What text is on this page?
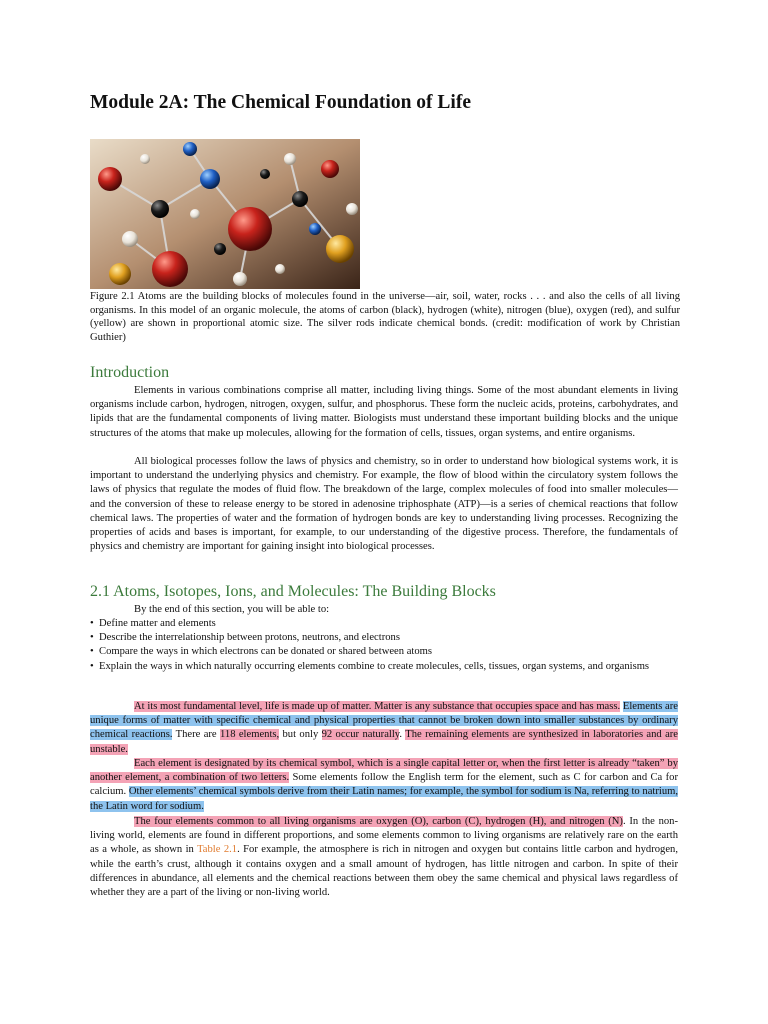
Module 2A: The Chemical Foundation of Life

Figure 2.1 Atoms are the building blocks of molecules found in the universe—air, soil, water, rocks . . . and also the cells of all living organisms. In this model of an organic molecule, the atoms of carbon (black), hydrogen (white), nitrogen (blue), oxygen (red), and sulfur (yellow) are shown in proportional atomic size. The silver rods indicate chemical bonds. (credit: modification of work by Christian Guthier)

Introduction

Elements in various combinations comprise all matter, including living things. Some of the most abundant elements in living organisms include carbon, hydrogen, nitrogen, oxygen, sulfur, and phosphorus. These form the nucleic acids, proteins, carbohydrates, and lipids that are the fundamental components of living matter. Biologists must understand these important building blocks and the unique structures of the atoms that make up molecules, allowing for the formation of cells, tissues, organ systems, and entire organisms.

All biological processes follow the laws of physics and chemistry, so in order to understand how biological systems work, it is important to understand the underlying physics and chemistry. For example, the flow of blood within the circulatory system follows the laws of physics that regulate the modes of fluid flow. The breakdown of the large, complex molecules of food into smaller molecules—and the conversion of these to release energy to be stored in adenosine triphosphate (ATP)—is a series of chemical reactions that follow chemical laws. The properties of water and the formation of hydrogen bonds are key to understanding living processes. Recognizing the properties of acids and bases is important, for example, to our understanding of the digestive process. Therefore, the fundamentals of physics and chemistry are important for gaining insight into biological processes.

2.1 Atoms, Isotopes, Ions, and Molecules: The Building Blocks

By the end of this section, you will be able to:

• Define matter and elements
• Describe the interrelationship between protons, neutrons, and electrons
• Compare the ways in which electrons can be donated or shared between atoms
• Explain the ways in which naturally occurring elements combine to create molecules, cells, tissues, organ systems, and organisms

At its most fundamental level, life is made up of matter. Matter is any substance that occupies space and has mass. Elements are unique forms of matter with specific chemical and physical properties that cannot be broken down into smaller substances by ordinary chemical reactions. There are 118 elements, but only 92 occur naturally. The remaining elements are synthesized in laboratories and are unstable.

Each element is designated by its chemical symbol, which is a single capital letter or, when the first letter is already “taken” by another element, a combination of two letters. Some elements follow the English term for the element, such as C for carbon and Ca for calcium. Other elements’ chemical symbols derive from their Latin names; for example, the symbol for sodium is Na, referring to natrium, the Latin word for sodium.

The four elements common to all living organisms are oxygen (O), carbon (C), hydrogen (H), and nitrogen (N). In the non-living world, elements are found in different proportions, and some elements common to living organisms are relatively rare on the earth as a whole, as shown in Table 2.1. For example, the atmosphere is rich in nitrogen and oxygen but contains little carbon and hydrogen, while the earth’s crust, although it contains oxygen and a small amount of hydrogen, has little nitrogen and carbon. In spite of their differences in abundance, all elements and the chemical reactions between them obey the same chemical and physical laws regardless of whether they are a part of the living or non-living world.
